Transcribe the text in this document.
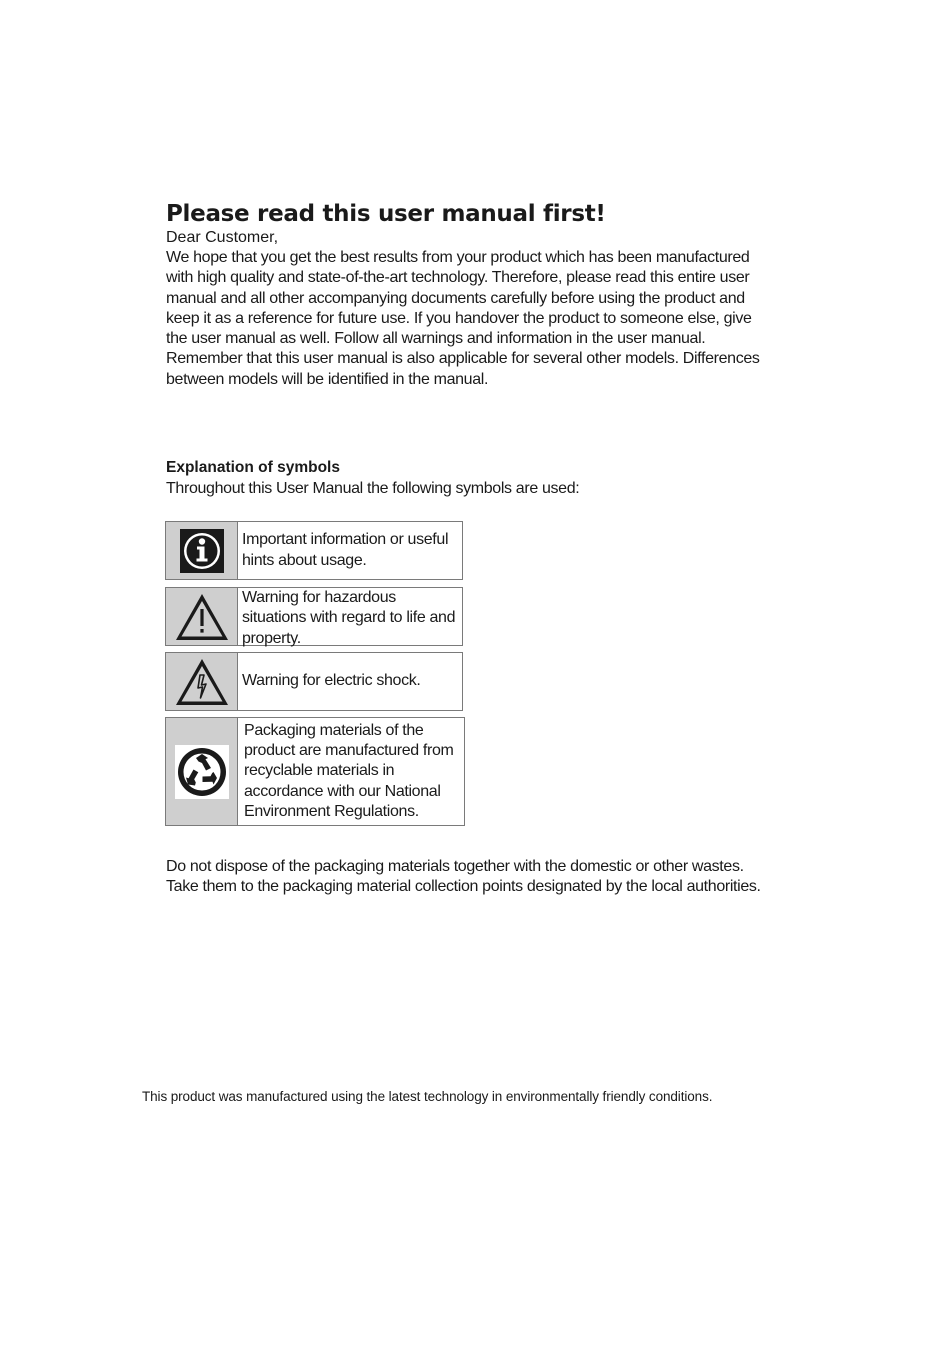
Please read this user manual first!
Dear Customer,

We hope that you get the best results from your product which has been manufactured with high quality and state-of-the-art technology. Therefore, please read this entire user manual and all other accompanying documents carefully before using the product and keep it as a reference for future use. If you handover the product to someone else, give the user manual as well. Follow all warnings and information in the user manual. Remember that this user manual is also applicable for several other models. Differences between models will be identified in the manual.

Explanation of symbols
Throughout this User Manual the following symbols are used:
Important information or useful hints about usage.
Warning for hazardous situations with regard to life and property.
Warning for electric shock.
Packaging materials of the product are manufactured from recyclable materials in accordance with our National Environment Regulations.

Do not dispose of the packaging materials together with the domestic or other wastes. Take them to the packaging material collection points designated by the local authorities.

This product was manufactured using the latest technology in environmentally friendly conditions.
